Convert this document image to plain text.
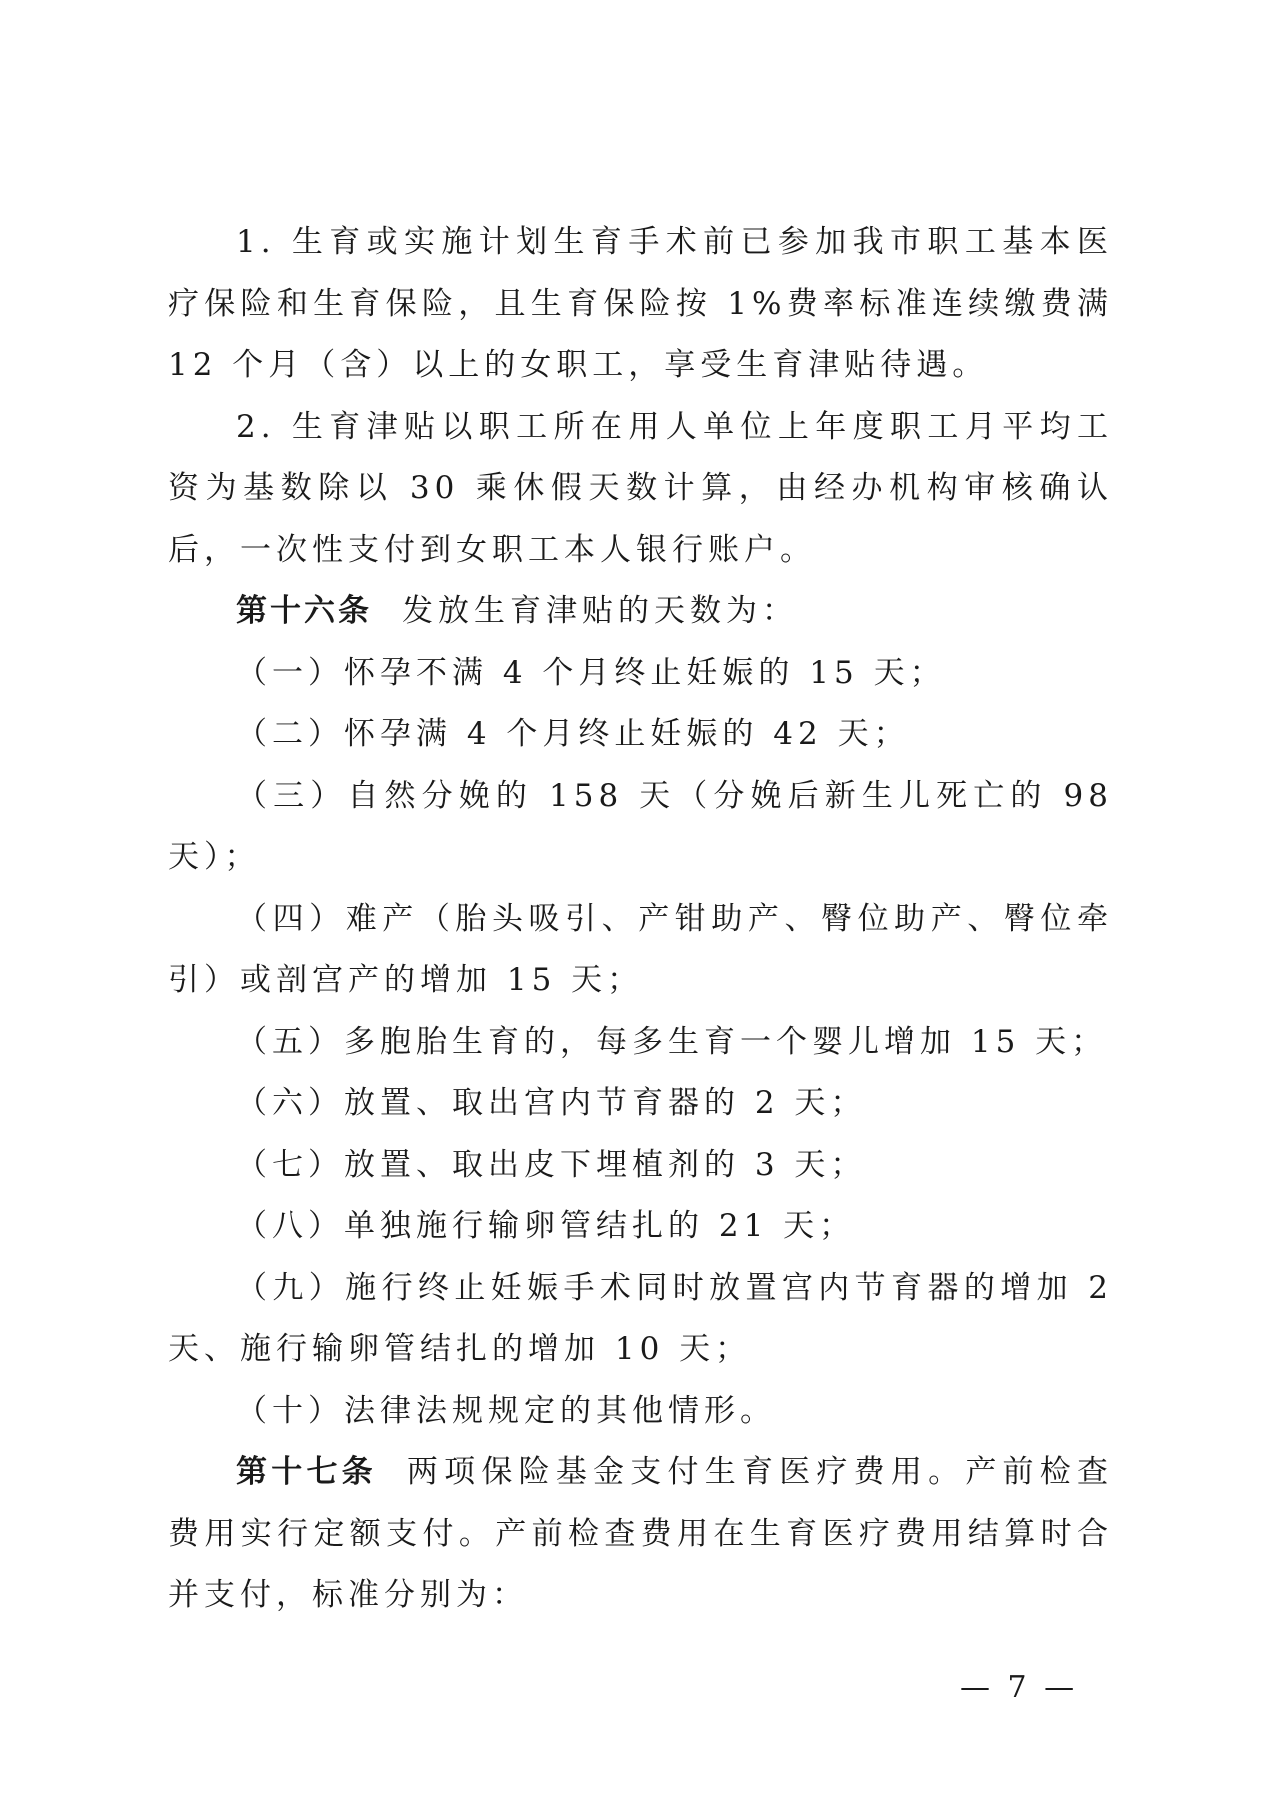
1. 生育或实施计划生育手术前已参加我市职工基本医疗保险和生育保险，且生育保险按 1%费率标准连续缴费满 12 个月（含）以上的女职工，享受生育津贴待遇。

2. 生育津贴以职工所在用人单位上年度职工月平均工资为基数除以 30 乘休假天数计算，由经办机构审核确认后，一次性支付到女职工本人银行账户。

第十六条 发放生育津贴的天数为：

（一）怀孕不满 4 个月终止妊娠的 15 天；

（二）怀孕满 4 个月终止妊娠的 42 天；

（三）自然分娩的 158 天（分娩后新生儿死亡的 98 天）；

（四）难产（胎头吸引、产钳助产、臀位助产、臀位牵引）或剖宫产的增加 15 天；

（五）多胞胎生育的，每多生育一个婴儿增加 15 天；

（六）放置、取出宫内节育器的 2 天；

（七）放置、取出皮下埋植剂的 3 天；

（八）单独施行输卵管结扎的 21 天；

（九）施行终止妊娠手术同时放置宫内节育器的增加 2 天、施行输卵管结扎的增加 10 天；

（十）法律法规规定的其他情形。

第十七条 两项保险基金支付生育医疗费用。产前检查费用实行定额支付。产前检查费用在生育医疗费用结算时合并支付，标准分别为：

— 7 —
